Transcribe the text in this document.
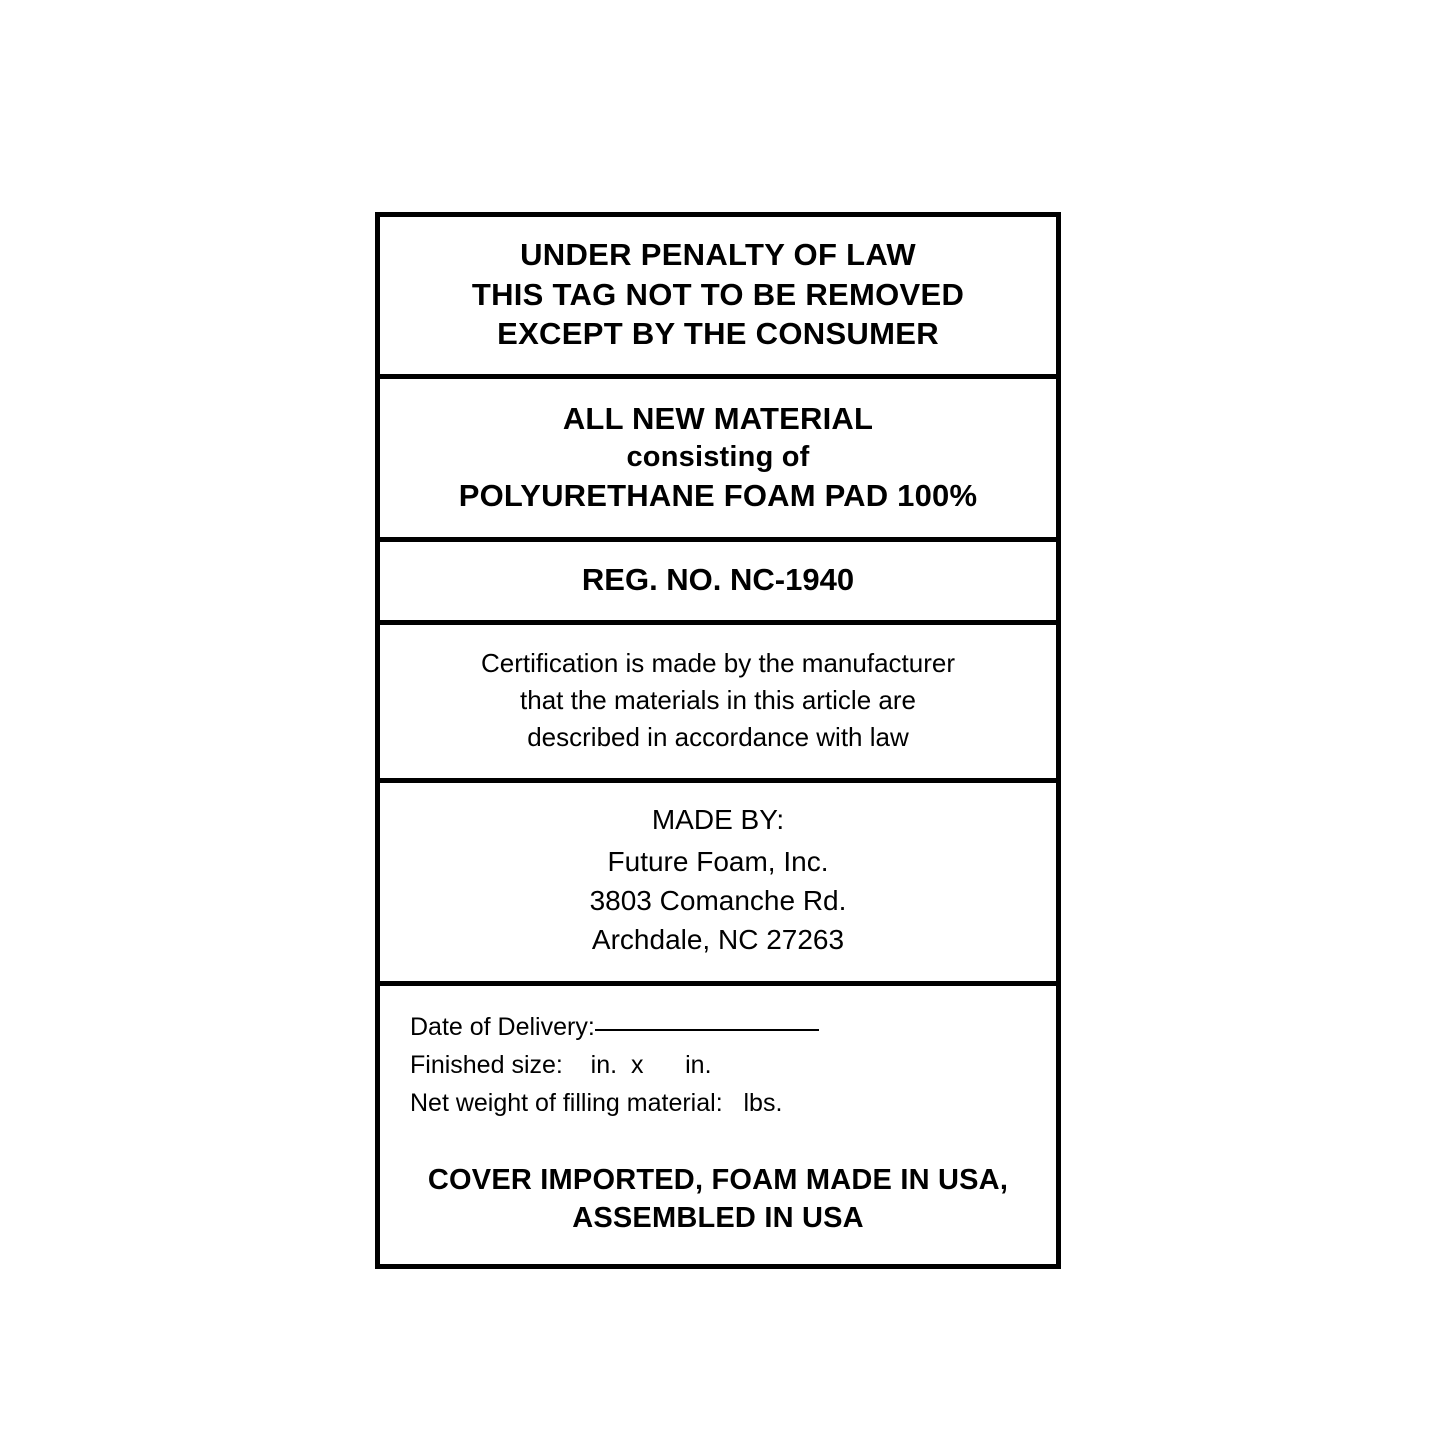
UNDER PENALTY OF LAW
THIS TAG NOT TO BE REMOVED
EXCEPT BY THE CONSUMER
ALL NEW MATERIAL
consisting of
POLYURETHANE FOAM PAD 100%
REG. NO. NC-1940
Certification is made by the manufacturer
that the materials in this article are
described in accordance with law
MADE BY:
Future Foam, Inc.
3803 Comanche Rd.
Archdale, NC 27263
Date of Delivery:
Finished size: in.  x      in.
Net weight of filling material: lbs.
COVER IMPORTED, FOAM MADE IN USA,
ASSEMBLED IN USA
